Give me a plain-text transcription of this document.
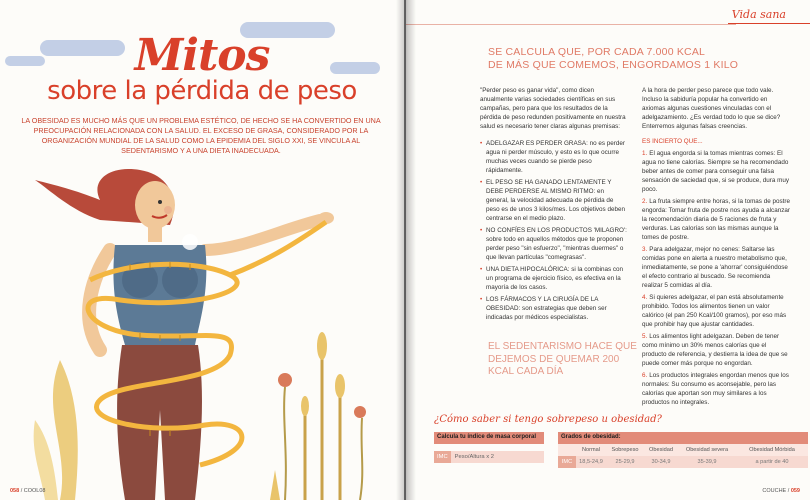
Mitos
sobre la pérdida de peso
LA OBESIDAD ES MUCHO MÁS QUE UN PROBLEMA ESTÉTICO, DE HECHO SE HA CONVERTIDO EN UNA PREOCUPACIÓN RELACIONADA CON LA SALUD. EL EXCESO DE GRASA, CONSIDERADO POR LA ORGANIZACIÓN MUNDIAL DE LA SALUD COMO LA EPIDEMIA DEL SIGLO XXI, SE VINCULA AL SEDENTARISMO Y A UNA DIETA INADECUADA.
058 / COOL08
Vida sana
SE CALCULA QUE, POR CADA 7.000 KCAL
DE MÁS QUE COMEMOS, ENGORDAMOS 1 KILO

"Perder peso es ganar vida", como dicen anualmente varias sociedades científicas en sus campañas, pero para que los resultados de la pérdida de peso redunden positivamente en nuestra salud es necesario tener claras algunas premisas:

• ADELGAZAR ES PERDER GRASA: no es perder agua ni perder músculo, y esto es lo que ocurre muchas veces cuando se pierde peso rápidamente.
• EL PESO SE HA GANADO LENTAMENTE Y DEBE PERDERSE AL MISMO RITMO: en general, la velocidad adecuada de pérdida de peso es de unos 3 kilos/mes. Los objetivos deben centrarse en el medio plazo.
• NO CONFÍES EN LOS PRODUCTOS 'MILAGRO': sobre todo en aquellos métodos que te proponen perder peso "sin esfuerzo", "mientras duermes" o que llevan partículas "comegrasas".
• UNA DIETA HIPOCALÓRICA: si la combinas con un programa de ejercicio físico, es efectiva en la mayoría de los casos.
• LOS FÁRMACOS Y LA CIRUGÍA DE LA OBESIDAD: son estrategias que deben ser indicadas por médicos especialistas.

A la hora de perder peso parece que todo vale. Incluso la sabiduría popular ha convertido en axiomas algunas cuestiones vinculadas con el adelgazamiento. ¿Es verdad todo lo que se dice? Enterremos algunas falsas creencias.

ES INCIERTO QUE...
1. El agua engorda si la tomas mientras comes: El agua no tiene calorías. Siempre se ha recomendado beber antes de comer para conseguir una falsa sensación de saciedad que, si se produce, dura muy poco.
2. La fruta siempre entre horas, si la tomas de postre engorda: Tomar fruta de postre nos ayuda a alcanzar la recomendación diaria de 5 raciones de fruta y verduras. Las calorías son las mismas aunque la tomes de postre.
3. Para adelgazar, mejor no cenes: Saltarse las comidas pone en alerta a nuestro metabolismo que, inmediatamente, se pone a 'ahorrar' consiguiéndose el efecto contrario al buscado. Se recomienda realizar 5 comidas al día.
4. Si quieres adelgazar, el pan está absolutamente prohibido. Todos los alimentos tienen un valor calórico (el pan 250 Kcal/100 gramos), por eso más que prohibir hay que ajustar cantidades.
5. Los alimentos light adelgazan. Deben de tener como mínimo un 30% menos calorías que el producto de referencia, y destierra la idea de que se puede comer más porque no engordan.
6. Los productos integrales engordan menos que los normales: Su consumo es aconsejable, pero las calorías que aportan son muy similares a los productos no integrales.
EL SEDENTARISMO HACE QUE DEJEMOS DE QUEMAR 200 KCAL CADA DÍA
¿Cómo saber si tengo sobrepeso u obesidad?
Calcula tu índice de masa corporal
IMC	Peso/Altura x 2
Grados de obesidad:
Normal	Sobrepeso	Obesidad	Obesidad severa	Obesidad Mórbida
IMC	18,5-24,9	25-29,9	30-34,9	35-39,9	a partir de 40
COUCHE / 059
